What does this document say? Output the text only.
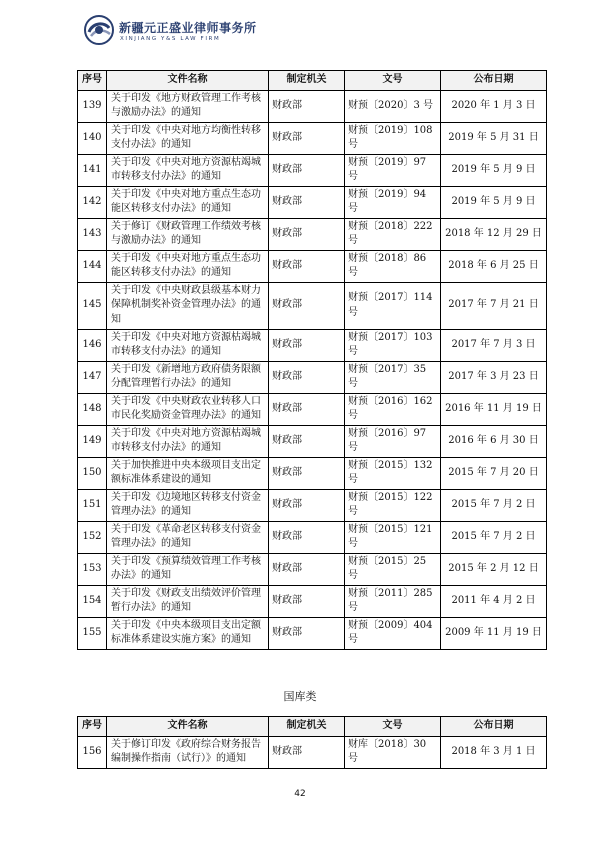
新疆元正盛业律师事务所
XINJIANG Y&S LAW FIRM
序号	文件名称	制定机关	文号	公布日期
139	关于印发《地方财政管理工作考核与激励办法》的通知	财政部	财预〔2020〕3 号	2020 年 1 月 3 日
140	关于印发《中央对地方均衡性转移支付办法》的通知	财政部	财预〔2019〕108 号	2019 年 5 月 31 日
141	关于印发《中央对地方资源枯竭城市转移支付办法》的通知	财政部	财预〔2019〕97 号	2019 年 5 月 9 日
142	关于印发《中央对地方重点生态功能区转移支付办法》的通知	财政部	财预〔2019〕94 号	2019 年 5 月 9 日
143	关于修订《财政管理工作绩效考核与激励办法》的通知	财政部	财预〔2018〕222 号	2018 年 12 月 29 日
144	关于印发《中央对地方重点生态功能区转移支付办法》的通知	财政部	财预〔2018〕86 号	2018 年 6 月 25 日
145	关于印发《中央财政县级基本财力保障机制奖补资金管理办法》的通知	财政部	财预〔2017〕114 号	2017 年 7 月 21 日
146	关于印发《中央对地方资源枯竭城市转移支付办法》的通知	财政部	财预〔2017〕103 号	2017 年 7 月 3 日
147	关于印发《新增地方政府债务限额分配管理暂行办法》的通知	财政部	财预〔2017〕35 号	2017 年 3 月 23 日
148	关于印发《中央财政农业转移人口市民化奖励资金管理办法》的通知	财政部	财预〔2016〕162 号	2016 年 11 月 19 日
149	关于印发《中央对地方资源枯竭城市转移支付办法》的通知	财政部	财预〔2016〕97 号	2016 年 6 月 30 日
150	关于加快推进中央本级项目支出定额标准体系建设的通知	财政部	财预〔2015〕132 号	2015 年 7 月 20 日
151	关于印发《边境地区转移支付资金管理办法》的通知	财政部	财预〔2015〕122 号	2015 年 7 月 2 日
152	关于印发《革命老区转移支付资金管理办法》的通知	财政部	财预〔2015〕121 号	2015 年 7 月 2 日
153	关于印发《预算绩效管理工作考核办法》的通知	财政部	财预〔2015〕25 号	2015 年 2 月 12 日
154	关于印发《财政支出绩效评价管理暂行办法》的通知	财政部	财预〔2011〕285 号	2011 年 4 月 2 日
155	关于印发《中央本级项目支出定额标准体系建设实施方案》的通知	财政部	财预〔2009〕404 号	2009 年 11 月 19 日
国库类
序号	文件名称	制定机关	文号	公布日期
156	关于修订印发《政府综合财务报告编制操作指南（试行）》的通知	财政部	财库〔2018〕30 号	2018 年 3 月 1 日
42
